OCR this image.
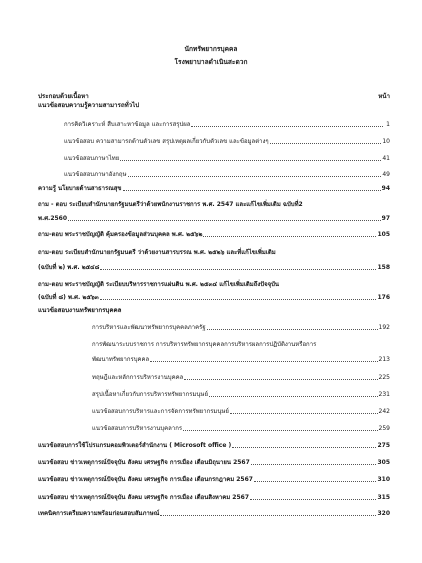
นักทรัพยากรบุคคล
โรงพยาบาลดำเนินสะดวก
ประกอบด้วยเนื้อหา	หน้า
แนวข้อสอบความรู้ความสามารถทั่วไป
การคิดวิเคราะห์ สืบเสาะหาข้อมูล และการสรุปผล	1
แนวข้อสอบ ความสามารถด้านตัวเลข สรุปเหตุผลเกี่ยวกับตัวเลข และข้อมูลต่างๆ	10
แนวข้อสอบภาษาไทย	41
แนวข้อสอบภาษาอังกฤษ	49
ความรู้ นโยบายด้านสาธารณสุข	94
ถาม - ตอบ ระเบียบสำนักนายกรัฐมนตรีว่าด้วยพนักงานราชการ พ.ศ. 2547 และแก้ไขเพิ่มเติม ฉบับที่2
พ.ศ.2560	97
ถาม-ตอบ พระราชบัญญัติ คุ้มครองข้อมูลส่วนบุคคล พ.ศ. ๒๕๖๒	105
ถาม-ตอบ ระเบียบสำนักนายกรัฐมนตรี ว่าด้วยงานสารบรรณ พ.ศ. ๒๕๒๖ และที่แก้ไขเพิ่มเติม
(ฉบับที่ ๒) พ.ศ. ๒๕๔๘	158
ถาม-ตอบ พระราชบัญญัติ ระเบียบบริหารราชการแผ่นดิน พ.ศ. ๒๕๓๔ แก้ไขเพิ่มเติมถึงปัจจุบัน
(ฉบับที่ ๘) พ.ศ. ๒๕๖๓	176
แนวข้อสอบงานทรัพยากรบุคคล
การบริหารและพัฒนาทรัพยากรบุคคลภาครัฐ	192
การพัฒนาระบบราชการ การบริหารทรัพยากรบุคคลการบริหารผลการปฏิบัติงานหรือการ
พัฒนาทรัพยากรบุคคล	213
ทฤษฎีและหลักการบริหารงานบุคคล	225
สรุปเนื้อหาเกี่ยวกับการบริหารทรัพยากรมนุษย์	231
แนวข้อสอบการบริหารและการจัดการทรัพยากรมนุษย์	242
แนวข้อสอบการบริหารงานบุคลากร	259
แนวข้อสอบการใช้โปรแกรมคอมพิวเตอร์สำนักงาน ( Microsoft office )	275
แนวข้อสอบ ข่าวเหตุการณ์ปัจจุบัน สังคม เศรษฐกิจ การเมือง เดือนมิถุนายน 2567	305
แนวข้อสอบ ข่าวเหตุการณ์ปัจจุบัน สังคม เศรษฐกิจ การเมือง เดือนกรกฎาคม 2567	310
แนวข้อสอบ ข่าวเหตุการณ์ปัจจุบัน สังคม เศรษฐกิจ การเมือง เดือนสิงหาคม 2567	315
เทคนิคการเตรียมความพร้อมก่อนสอบสัมภาษณ์	320
